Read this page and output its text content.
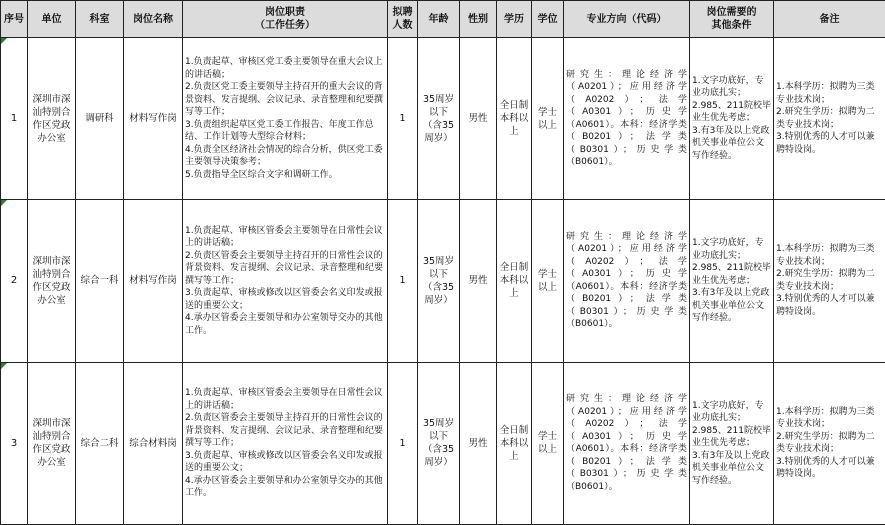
序号	单位	科室	岗位名称	岗位职责
（工作任务）	拟聘
人数	年龄	性别	学历	学位	专业方向（代码）	岗位需要的
其他条件	备注

1	深圳市深汕特别合作区党政办公室	调研科	材料写作岗	1.负责起草、审核区党工委主要领导在重大会议上的讲话稿；
2.负责区党工委主要领导主持召开的重大会议的背景资料、发言提纲、会议记录、录音整理和纪要撰写等工作；
3.负责组织起草区党工委工作报告、年度工作总结、工作计划等大型综合材料；
4.负责全区经济社会情况的综合分析，供区党工委主要领导决策参考；
5.负责指导全区综合文字和调研工作。	1	35周岁以下（含35周岁）	男性	全日制本科以上	学士以上	研究生：理论经济学（A0201）；应用经济学（A0202）；法学（A0301）；历史学（A0601）。本科：经济学类（B0201）；法学类（B0301）；历史学类（B0601）。	1.文字功底好，专业功底扎实；
2.985、211院校毕业生优先考虑；
3.有3年及以上党政机关事业单位公文写作经验。	1.本科学历：拟聘为三类专业技术岗；
2.研究生学历：拟聘为二类专业技术岗；
3.特别优秀的人才可以兼聘特设岗。

2	深圳市深汕特别合作区党政办公室	综合一科	材料写作岗	1.负责起草、审核区管委会主要领导在日常性会议上的讲话稿；
2.负责区管委会主要领导主持召开的日常性会议的背景资料、发言提纲、会议记录、录音整理和纪要撰写等工作；
3.负责起草、审核或修改以区管委会名义印发或报送的重要公文；
4.承办区管委会主要领导和办公室领导交办的其他工作。	1	35周岁以下（含35周岁）	男性	全日制本科以上	学士以上	研究生：理论经济学（A0201）；应用经济学（A0202）；法学（A0301）；历史学（A0601）。本科：经济学类（B0201）；法学类（B0301）；历史学类（B0601）。	1.文字功底好，专业功底扎实；
2.985、211院校毕业生优先考虑；
3.有3年及以上党政机关事业单位公文写作经验。	1.本科学历：拟聘为三类专业技术岗；
2.研究生学历：拟聘为二类专业技术岗；
3.特别优秀的人才可以兼聘特设岗。

3	深圳市深汕特别合作区党政办公室	综合二科	综合材料岗	1.负责起草、审核区管委会主要领导在日常性会议上的讲话稿；
2.负责区管委会主要领导主持召开的日常性会议的背景资料、发言提纲、会议记录、录音整理和纪要撰写等工作；
3.负责起草、审核或修改以区管委会名义印发或报送的重要公文；
4.承办区管委会主要领导和办公室领导交办的其他工作。	1	35周岁以下（含35周岁）	男性	全日制本科以上	学士以上	研究生：理论经济学（A0201）；应用经济学（A0202）；法学（A0301）；历史学（A0601）。本科：经济学类（B0201）；法学类（B0301）；历史学类（B0601）。	1.文字功底好，专业功底扎实；
2.985、211院校毕业生优先考虑；
3.有3年及以上党政机关事业单位公文写作经验。	1.本科学历：拟聘为三类专业技术岗；
2.研究生学历：拟聘为二类专业技术岗；
3.特别优秀的人才可以兼聘特设岗。
